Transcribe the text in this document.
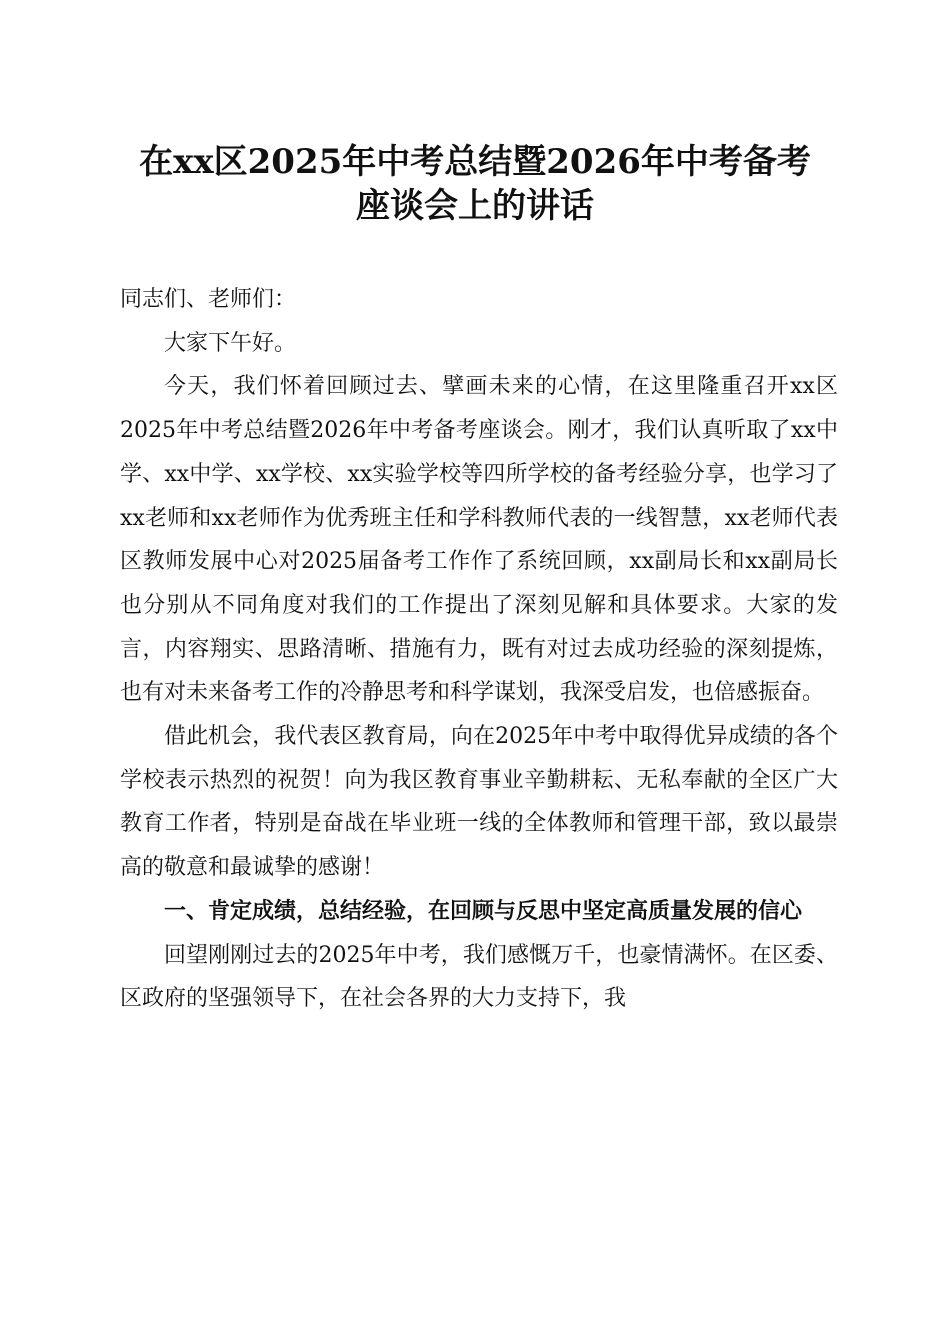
在xx区2025年中考总结暨2026年中考备考
座谈会上的讲话

同志们、老师们：

大家下午好。

今天，我们怀着回顾过去、擘画未来的心情，在这里隆重召开xx区2025年中考总结暨2026年中考备考座谈会。刚才，我们认真听取了xx中学、xx中学、xx学校、xx实验学校等四所学校的备考经验分享，也学习了xx老师和xx老师作为优秀班主任和学科教师代表的一线智慧，xx老师代表区教师发展中心对2025届备考工作作了系统回顾，xx副局长和xx副局长也分别从不同角度对我们的工作提出了深刻见解和具体要求。大家的发言，内容翔实、思路清晰、措施有力，既有对过去成功经验的深刻提炼，也有对未来备考工作的冷静思考和科学谋划，我深受启发，也倍感振奋。

借此机会，我代表区教育局，向在2025年中考中取得优异成绩的各个学校表示热烈的祝贺！向为我区教育事业辛勤耕耘、无私奉献的全区广大教育工作者，特别是奋战在毕业班一线的全体教师和管理干部，致以最崇高的敬意和最诚挚的感谢！

一、肯定成绩，总结经验，在回顾与反思中坚定高质量发展的信心

回望刚刚过去的2025年中考，我们感慨万千，也豪情满怀。在区委、区政府的坚强领导下，在社会各界的大力支持下，我
